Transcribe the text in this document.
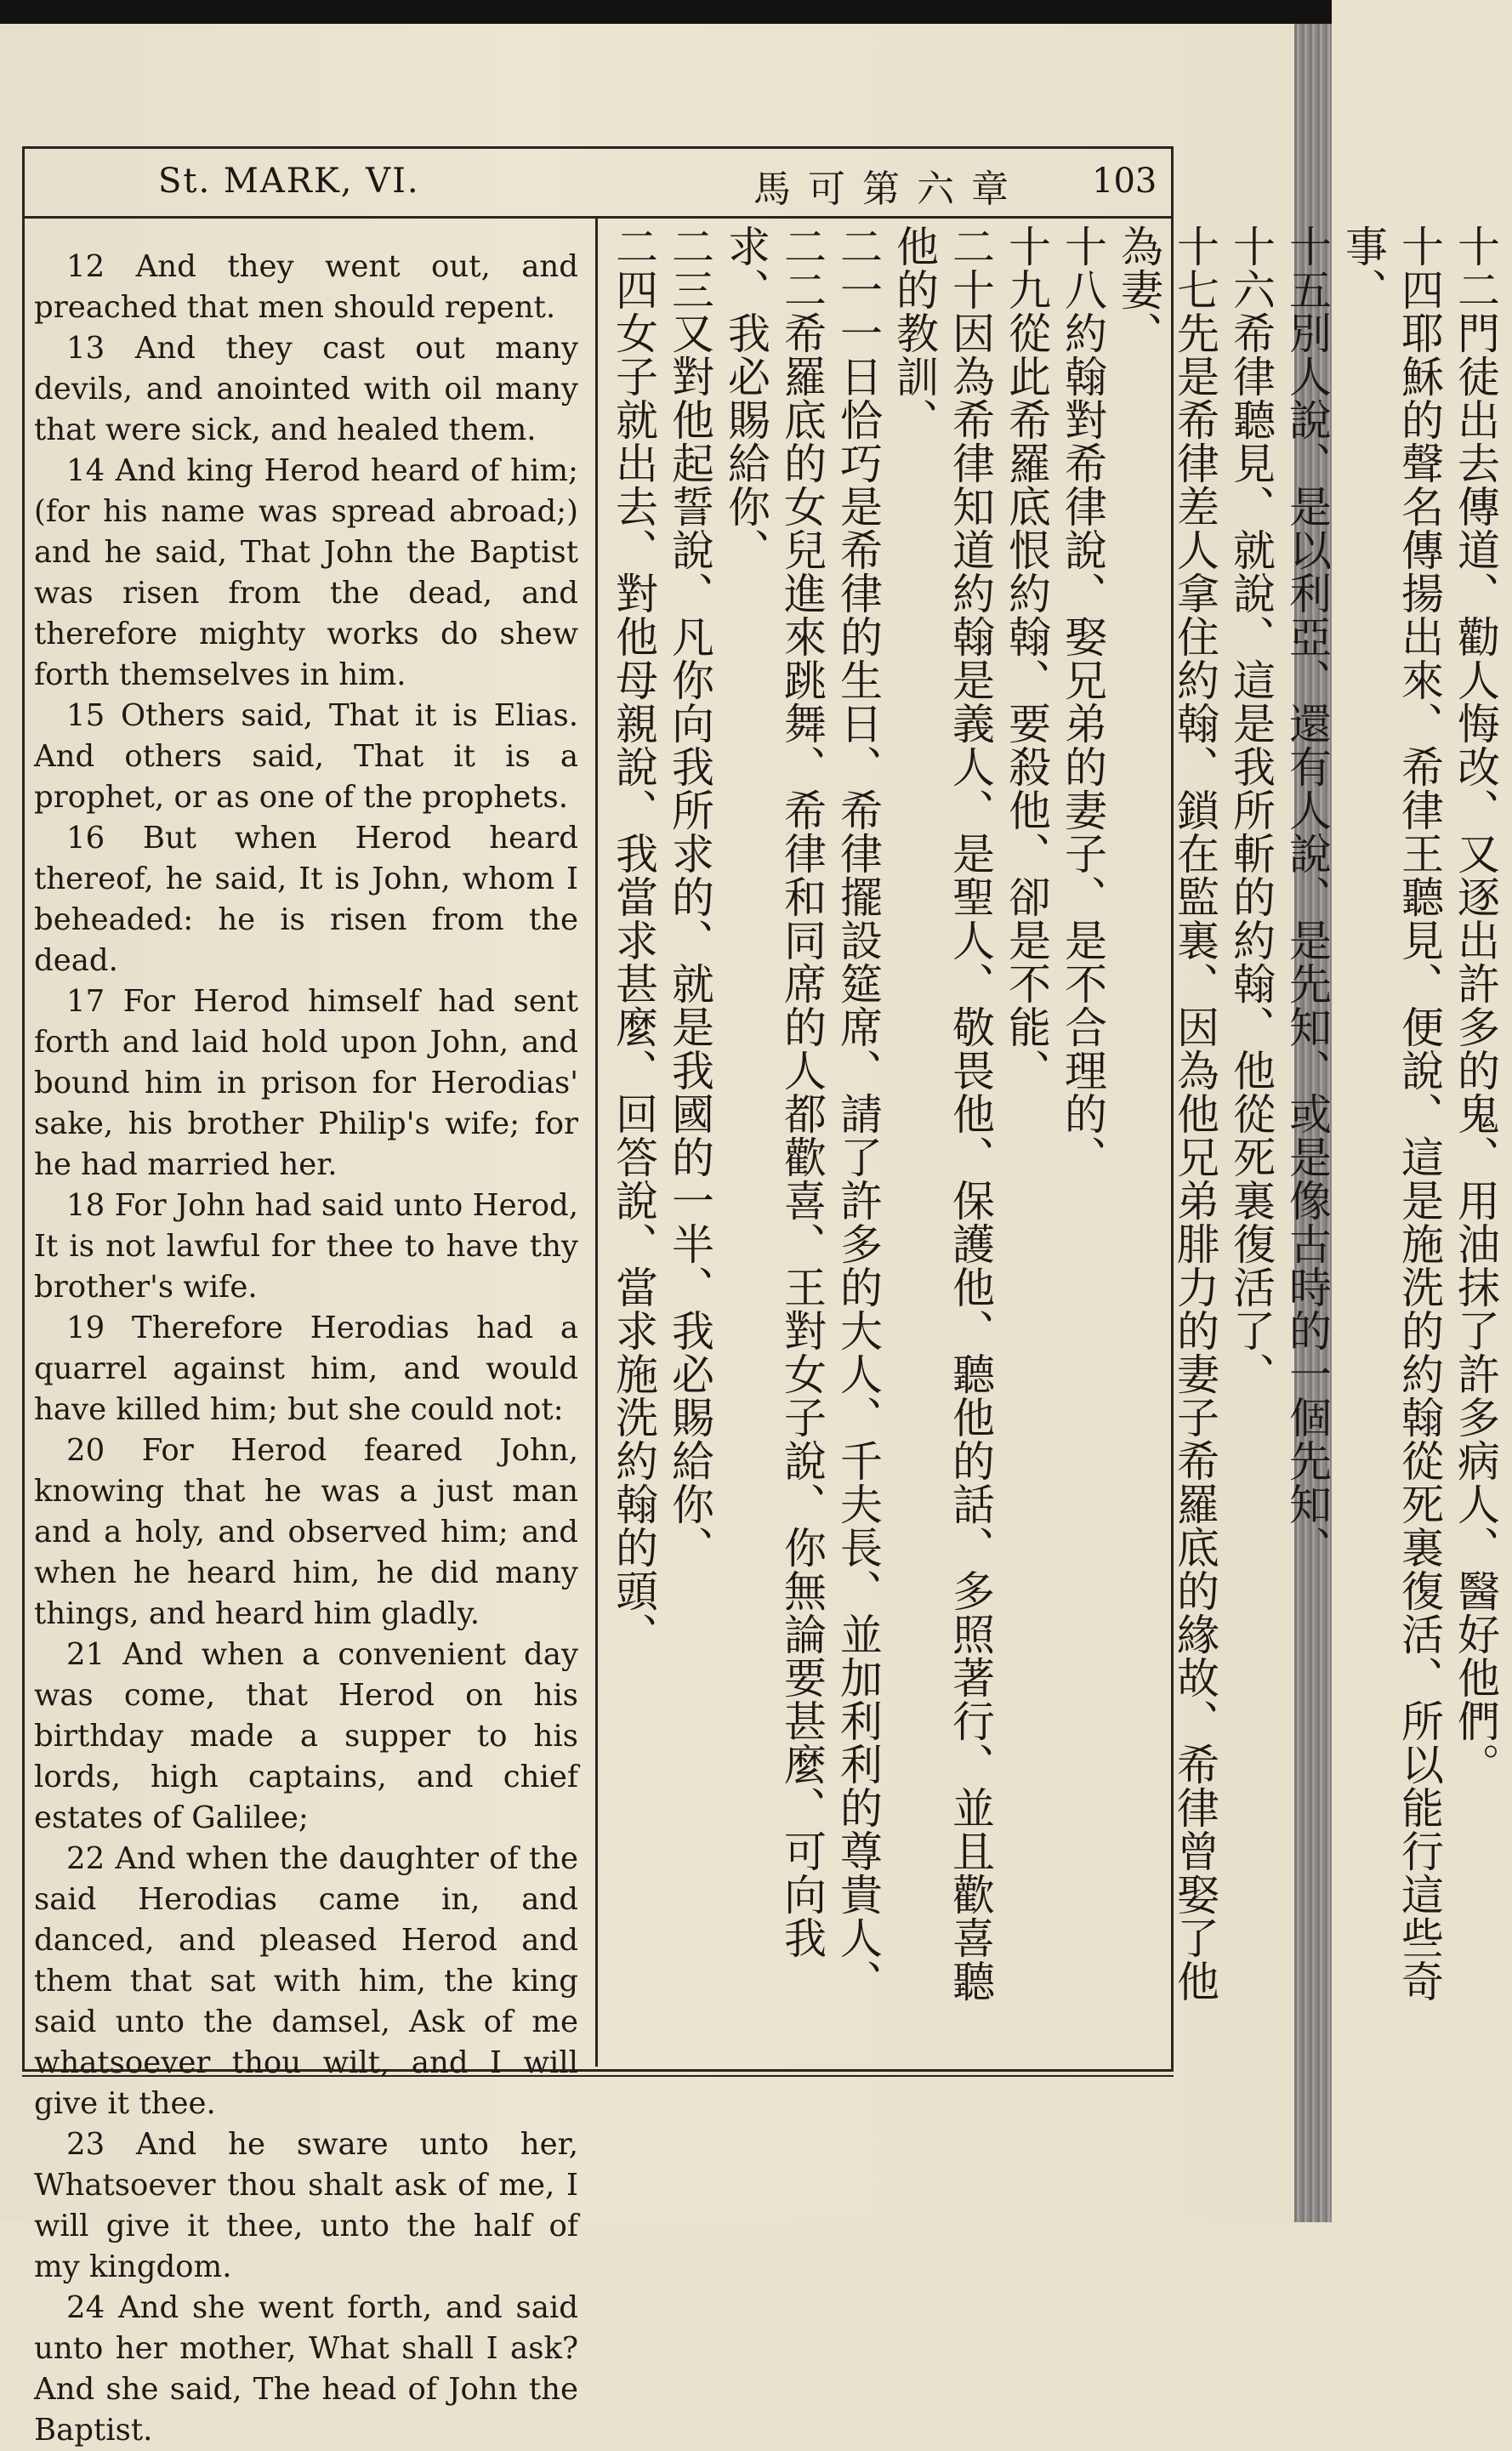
St. MARK, VI.	馬可第六章 103

12 And they went out, and preached that men should repent.

13 And they cast out many devils, and anointed with oil many that were sick, and healed them.

14 And king Herod heard of him; (for his name was spread abroad;) and he said, That John the Baptist was risen from the dead, and therefore mighty works do shew forth themselves in him.

15 Others said, That it is Elias. And others said, That it is a prophet, or as one of the prophets.

16 But when Herod heard thereof, he said, It is John, whom I beheaded: he is risen from the dead.

17 For Herod himself had sent forth and laid hold upon John, and bound him in prison for Herodias' sake, his brother Philip's wife; for he had married her.

18 For John had said unto Herod, It is not lawful for thee to have thy brother's wife.

19 Therefore Herodias had a quarrel against him, and would have killed him; but she could not:

20 For Herod feared John, knowing that he was a just man and a holy, and observed him; and when he heard him, he did many things, and heard him gladly.

21 And when a convenient day was come, that Herod on his birthday made a supper to his lords, high captains, and chief estates of Galilee;

22 And when the daughter of the said Herodias came in, and danced, and pleased Herod and them that sat with him, the king said unto the damsel, Ask of me whatsoever thou wilt, and I will give it thee.

23 And he sware unto her, Whatsoever thou shalt ask of me, I will give it thee, unto the half of my kingdom.

24 And she went forth, and said unto her mother, What shall I ask? And she said, The head of John the Baptist.

十二門徒出去傳道、勸人悔改、又逐出許多的鬼、用油抹了許多病人、醫好他們。

十四耶穌的聲名傳揚出來、希律王聽見、便說、這是施洗的約翰從死裏復活、所以能行這些奇事、

十五別人說、是以利亞、還有人說、是先知、或是像古時的一個先知、

十六希律聽見、就說、這是我所斬的約翰、他從死裏復活了、

十七先是希律差人拿住約翰、鎖在監裏、因為他兄弟腓力的妻子希羅底的緣故、希律曾娶了他為妻、

十八約翰對希律說、娶兄弟的妻子、是不合理的、

十九從此希羅底恨約翰、要殺他、卻是不能、

二十因為希律知道約翰是義人、是聖人、敬畏他、保護他、聽他的話、多照著行、並且歡喜聽他的教訓、

二一一日恰巧是希律的生日、希律擺設筵席、請了許多的大人、千夫長、並加利利的尊貴人、

二二希羅底的女兒進來跳舞、希律和同席的人都歡喜、王對女子說、你無論要甚麼、可向我求、我必賜給你、

二三又對他起誓說、凡你向我所求的、就是我國的一半、我必賜給你、

二四女子就出去、對他母親說、我當求甚麼、回答說、當求施洗約翰的頭、
